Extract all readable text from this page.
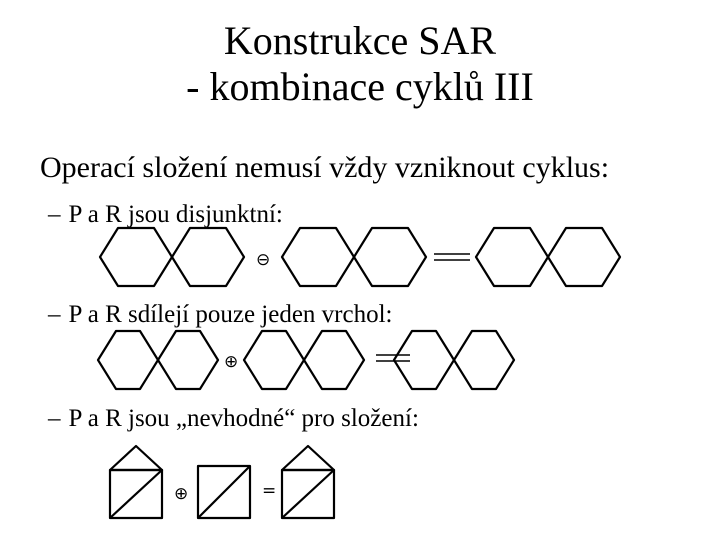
Konstrukce SAR
- kombinace cyklů III
Operací složení nemusí vždy vzniknout cyklus:
– P a R jsou disjunktní:
– P a R sdílejí pouze jeden vrchol:
– P a R jsou „nevhodné“ pro složení:
⊖
⊕
⊕	=
